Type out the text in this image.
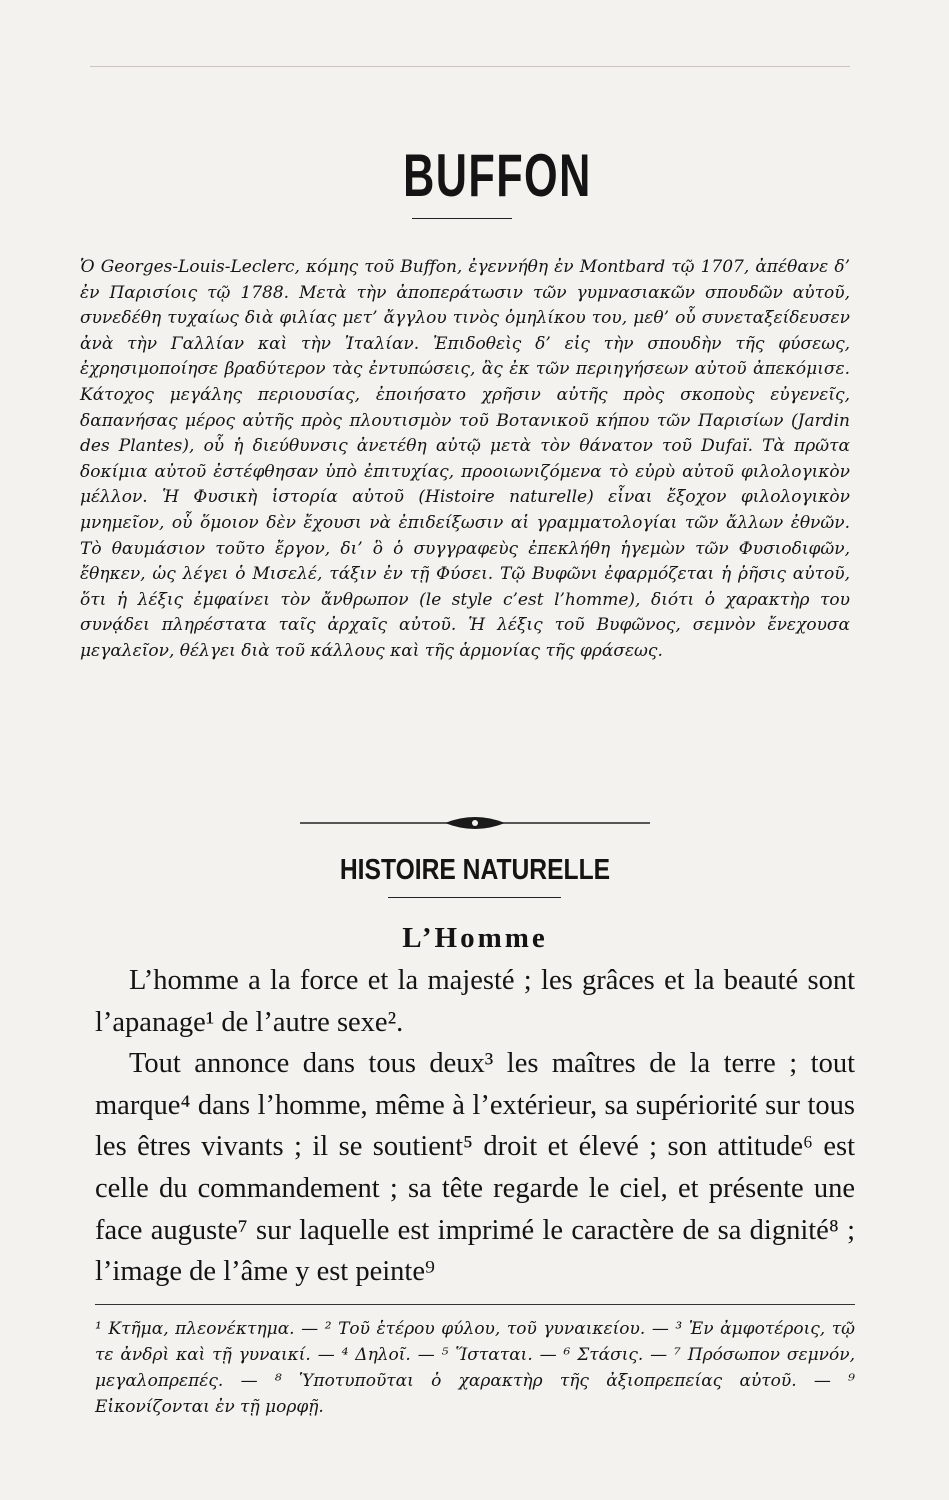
BUFFON

Ὁ Georges-Louis-Leclerc, κόμης τοῦ Buffon, ἐγεννήθη ἐν Montbard τῷ 1707, ἀπέθανε δ’ ἐν Παρισίοις τῷ 1788. Μετὰ τὴν ἀποπεράτωσιν τῶν γυμνασιακῶν σπουδῶν αὐτοῦ, συνεδέθη τυχαίως διὰ φιλίας μετ’ ἄγγλου τινὸς ὁμηλίκου του, μεθ’ οὗ συνεταξείδευσεν ἀνὰ τὴν Γαλλίαν καὶ τὴν Ἰταλίαν. Ἐπιδοθεὶς δ’ εἰς τὴν σπουδὴν τῆς φύσεως, ἐχρησιμοποίησε βραδύτερον τὰς ἐντυπώσεις, ἃς ἐκ τῶν περιηγήσεων αὐτοῦ ἀπεκόμισε. Κάτοχος μεγάλης περιουσίας, ἐποιήσατο χρῆσιν αὐτῆς πρὸς σκοποὺς εὐγενεῖς, δαπανήσας μέρος αὐτῆς πρὸς πλουτισμὸν τοῦ Βοτανικοῦ κήπου τῶν Παρισίων (Jardin des Plantes), οὗ ἡ διεύθυνσις ἀνετέθη αὐτῷ μετὰ τὸν θάνατον τοῦ Dufaï. Τὰ πρῶτα δοκίμια αὐτοῦ ἐστέφθησαν ὑπὸ ἐπιτυχίας, προοιωνιζόμενα τὸ εὐρὺ αὐτοῦ φιλολογικὸν μέλλον. Ἡ Φυσικὴ ἱστορία αὐτοῦ (Histoire naturelle) εἶναι ἔξοχον φιλολογικὸν μνημεῖον, οὗ ὅμοιον δὲν ἔχουσι νὰ ἐπιδείξωσιν αἱ γραμματολογίαι τῶν ἄλλων ἐθνῶν. Τὸ θαυμάσιον τοῦτο ἔργον, δι’ ὃ ὁ συγγραφεὺς ἐπεκλήθη ἡγεμὼν τῶν Φυσιοδιφῶν, ἔθηκεν, ὡς λέγει ὁ Μισελέ, τάξιν ἐν τῇ Φύσει. Τῷ Βυφῶνι ἐφαρμόζεται ἡ ῥῆσις αὐτοῦ, ὅτι ἡ λέξις ἐμφαίνει τὸν ἄνθρωπον (le style c’est l’homme), διότι ὁ χαρακτὴρ του συνᾴδει πληρέστατα ταῖς ἀρχαῖς αὐτοῦ. Ἡ λέξις τοῦ Βυφῶνος, σεμνὸν ἔνεχουσα μεγαλεῖον, θέλγει διὰ τοῦ κάλλους καὶ τῆς ἁρμονίας τῆς φράσεως.

HISTOIRE NATURELLE
L’Homme

L’homme a la force et la majesté ; les grâces et la beauté sont l’apanage¹ de l’autre sexe².

Tout annonce dans tous deux³ les maîtres de la terre ; tout marque⁴ dans l’homme, même à l’extérieur, sa supériorité sur tous les êtres vivants ; il se soutient⁵ droit et élevé ; son attitude⁶ est celle du commandement ; sa tête regarde le ciel, et présente une face auguste⁷ sur laquelle est imprimé le caractère de sa dignité⁸ ; l’image de l’âme y est peinte⁹

¹ Κτῆμα, πλεονέκτημα. — ² Τοῦ ἑτέρου φύλου, τοῦ γυναικείου. — ³ Ἐν ἀμφοτέροις, τῷ τε ἀνδρὶ καὶ τῇ γυναικί. — ⁴ Δηλοῖ. — ⁵ Ἵσταται. — ⁶ Στάσις. — ⁷ Πρόσωπον σεμνόν, μεγαλοπρεπές. — ⁸ Ὑποτυποῦται ὁ χαρακτὴρ τῆς ἀξιοπρεπείας αὐτοῦ. — ⁹ Εἰκονίζονται ἐν τῇ μορφῇ.
